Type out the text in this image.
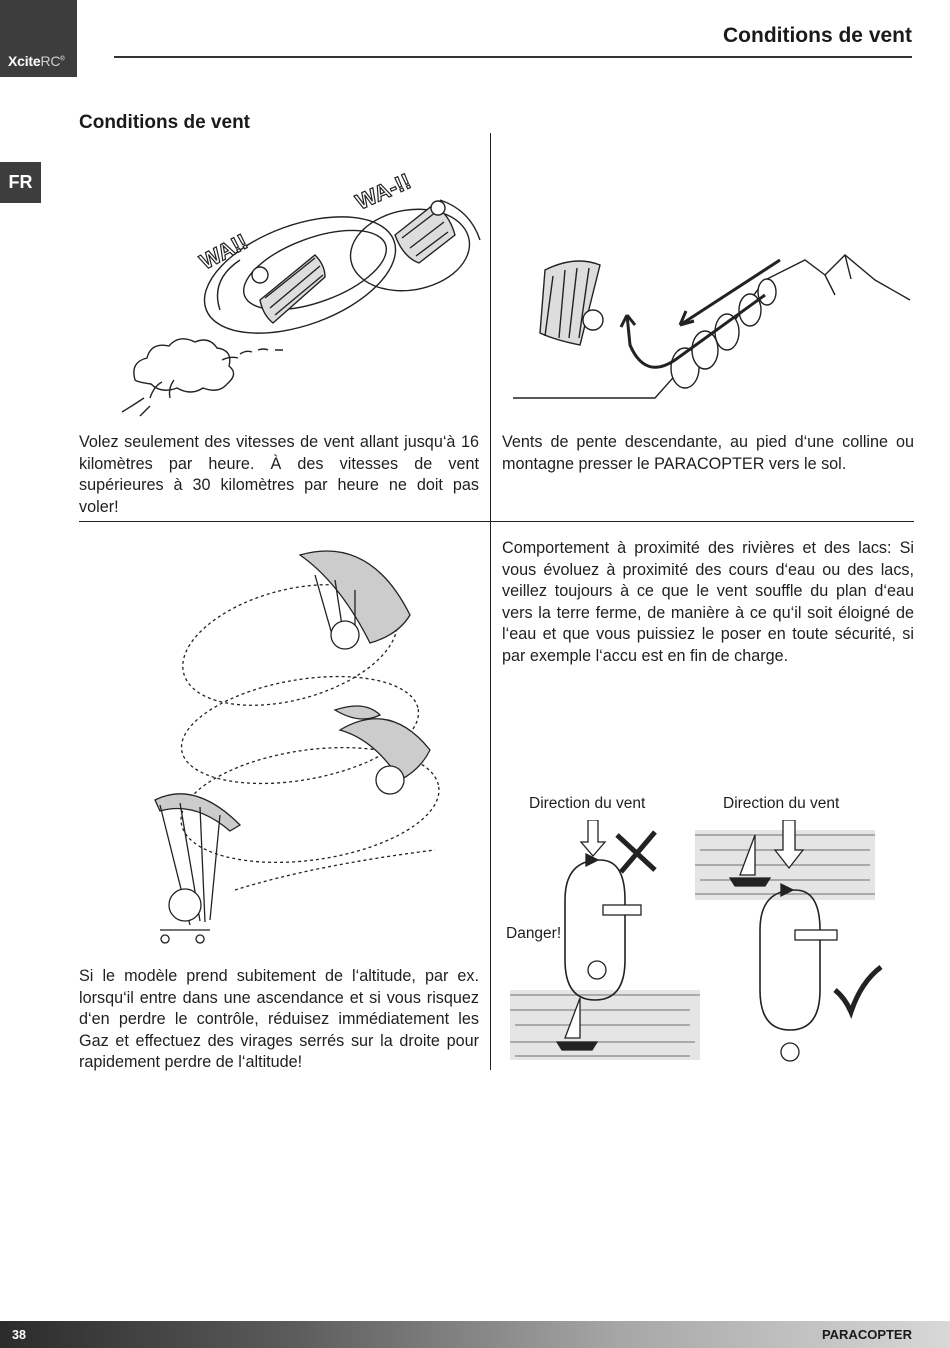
XciteRC®
Conditions de vent
FR
Conditions de vent
WA!!
WA-!!

Volez seulement des vitesses de vent allant jusqu‘à 16 kilomètres par heure. À des vitesses de vent supérieures à 30 kilomètres par heure ne doit pas voler!

Vents de pente descendante, au pied d‘une colline ou montagne presser le PARACOPTER vers le sol.

Comportement à proximité des rivières et des lacs: Si vous évoluez à proximité des cours d‘eau ou des lacs, veillez toujours à ce que le vent souffle du plan d‘eau vers la terre ferme, de manière à ce qu‘il soit éloigné de l‘eau et que vous puissiez le poser en toute sécurité, si par exemple l‘accu est en fin de charge.

Si le modèle prend subitement de l‘altitude, par ex. lorsqu‘il entre dans une ascendance et si vous risquez d‘en perdre le contrôle, réduisez immédiatement les Gaz et effectuez des virages serrés sur la droite pour rapidement perdre de l‘altitude!

Direction du vent	Direction du vent
Danger!
38	PARACOPTER
